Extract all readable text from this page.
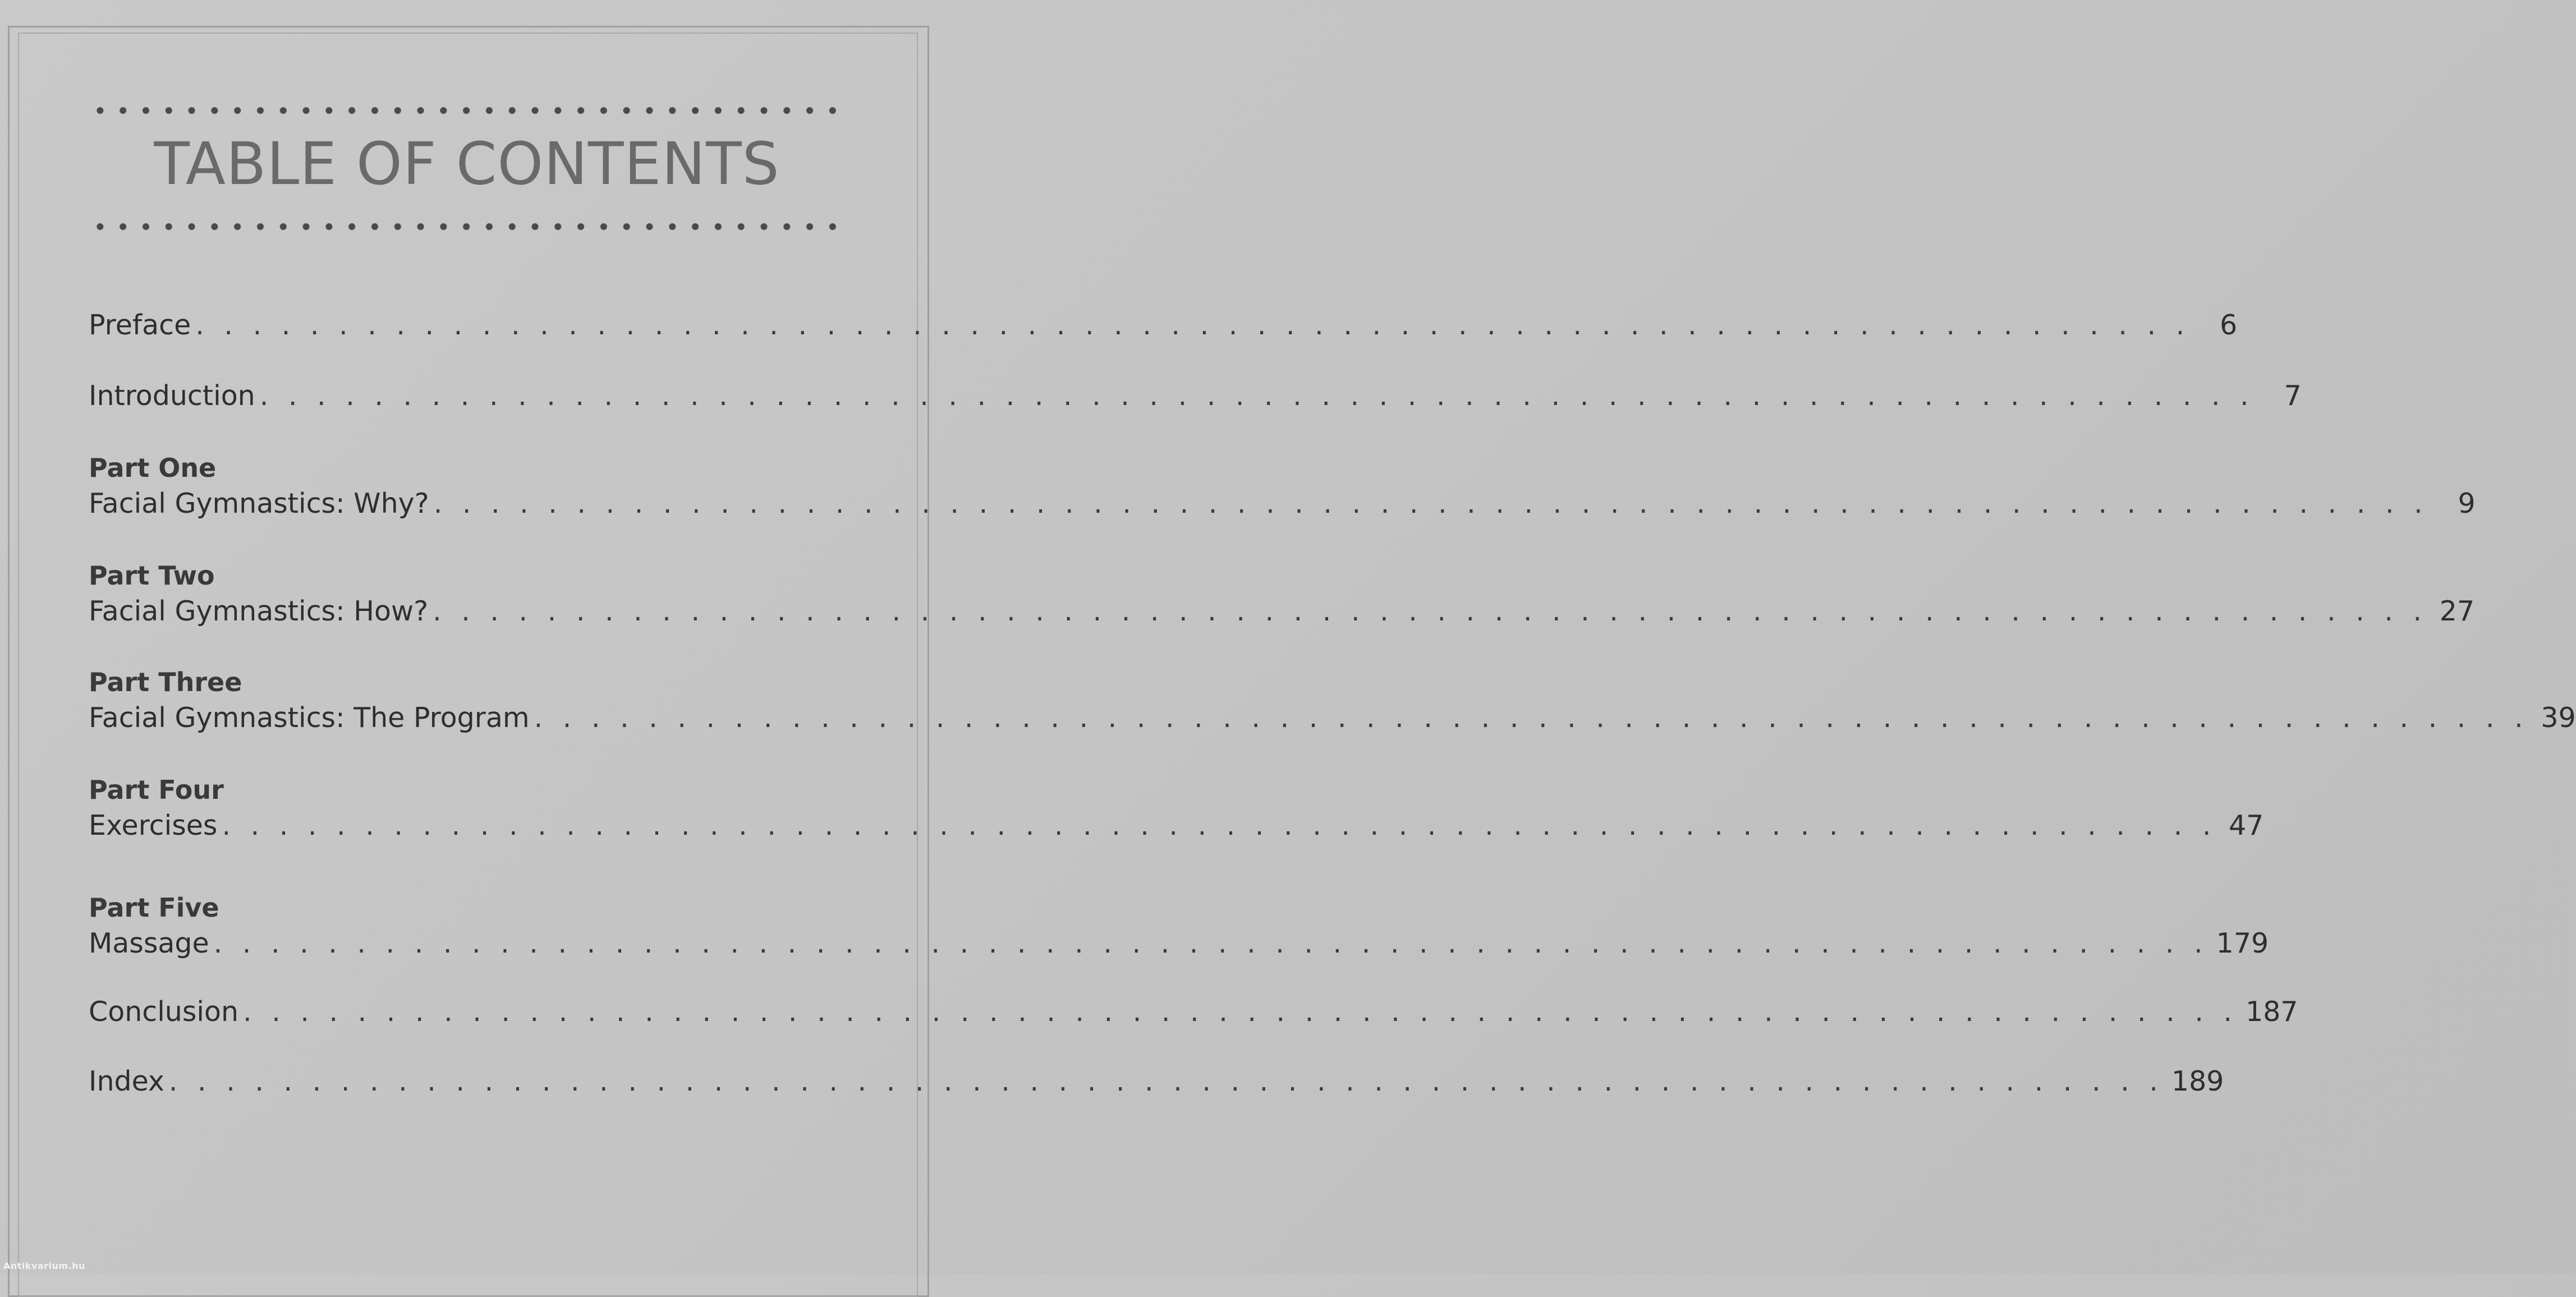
TABLE OF CONTENTS
Preface . . . . . . . . . . . . . . . . . . . . . . . . . . . . . . . . . . . . . . . . . . . . . . . . . . . . . . . . . . . . . . . . . . . . . .	6
Introduction . . . . . . . . . . . . . . . . . . . . . . . . . . . . . . . . . . . . . . . . . . . . . . . . . . . . . . . . . . . . . . . . . . . . . .	7
Part One
Facial Gymnastics: Why? . . . . . . . . . . . . . . . . . . . . . . . . . . . . . . . . . . . . . . . . . . . . . . . . . . . . . . . . . . . . . . . . . . . . . .	9
Part Two
Facial Gymnastics: How? . . . . . . . . . . . . . . . . . . . . . . . . . . . . . . . . . . . . . . . . . . . . . . . . . . . . . . . . . . . . . . . . . . . . . . 27
Part Three
Facial Gymnastics: The Program . . . . . . . . . . . . . . . . . . . . . . . . . . . . . . . . . . . . . . . . . . . . . . . . . . . . . . . . . . . . . . . . . . . . . . 39
Part Four
Exercises . . . . . . . . . . . . . . . . . . . . . . . . . . . . . . . . . . . . . . . . . . . . . . . . . . . . . . . . . . . . . . . . . . . . . . 47
Part Five
Massage . . . . . . . . . . . . . . . . . . . . . . . . . . . . . . . . . . . . . . . . . . . . . . . . . . . . . . . . . . . . . . . . . . . . . . 179
Conclusion . . . . . . . . . . . . . . . . . . . . . . . . . . . . . . . . . . . . . . . . . . . . . . . . . . . . . . . . . . . . . . . . . . . . . . 187
Index . . . . . . . . . . . . . . . . . . . . . . . . . . . . . . . . . . . . . . . . . . . . . . . . . . . . . . . . . . . . . . . . . . . . . . 189
Antikvarium.hu
